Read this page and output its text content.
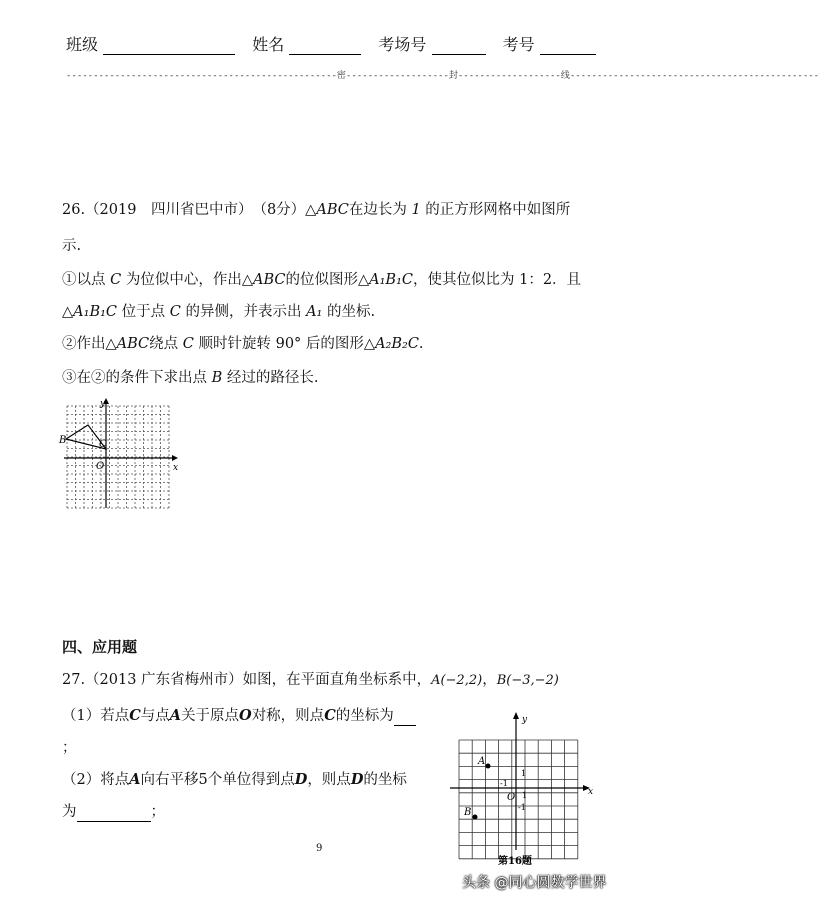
班级	姓名	考场号	考号
--------------------------------------------------密-------------------封-------------------线----------------------------------------------
26.（2019　四川省巴中市）　（8分）△ABC在边长为 1 的正方形网格中如图所
示.
①以点 C 为位似中心，作出△ABC的位似图形△A₁B₁C，使其位似比为 1：2．且
△A₁B₁C 位于点 C 的异侧，并表示出 A₁ 的坐标.
②作出△ABC绕点 C 顺时针旋转 90° 后的图形△A₂B₂C.
③在②的条件下求出点 B 经过的路径长.
B	C
O	x
y
四、应用题
27.（2013 广东省梅州市）如图，在平面直角坐标系中，A(−2,2)，B(−3,−2)
（1）若点C与点A关于原点O对称，则点C的坐标为
；
（2）将点A向右平移5个单位得到点D，则点D的坐标
为	；
A
B
O
1
1
-1
-1
x
y
第16题
9
头条 @同心圆数学世界
